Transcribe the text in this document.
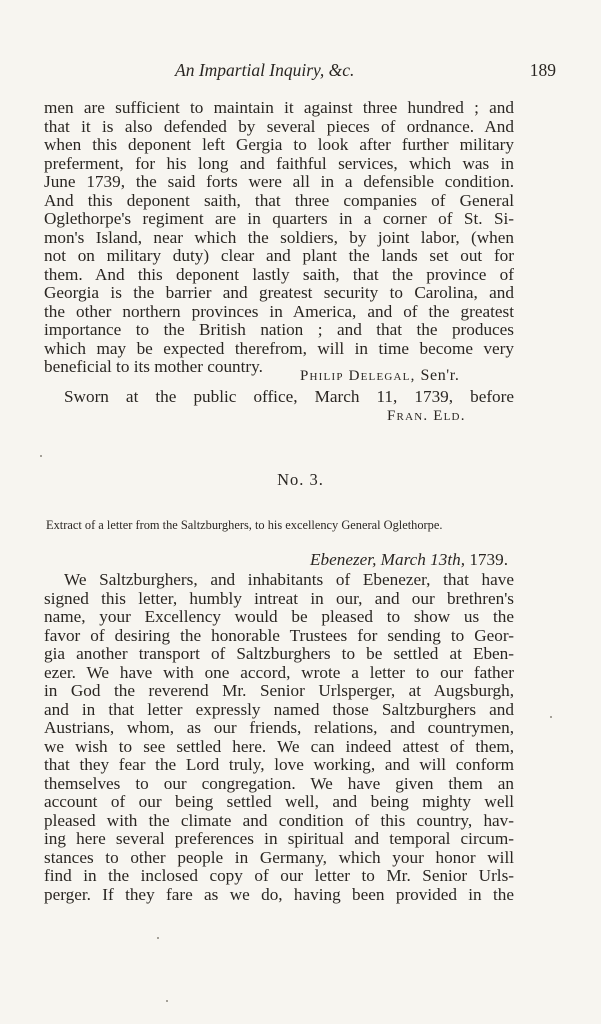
An Impartial Inquiry, &c.	189
men are sufficient to maintain it against three hundred ; and
that it is also defended by several pieces of ordnance. And
when this deponent left Gergia to look after further military
preferment, for his long and faithful services, which was in
June 1739, the said forts were all in a defensible condition.
And this deponent saith, that three companies of General
Oglethorpe's regiment are in quarters in a corner of St. Si-
mon's Island, near which the soldiers, by joint labor, (when
not on military duty) clear and plant the lands set out for
them. And this deponent lastly saith, that the province of
Georgia is the barrier and greatest security to Carolina, and
the other northern provinces in America, and of the greatest
importance to the British nation ; and that the produces
which may be expected therefrom, will in time become very
beneficial to its mother country.	Philip Delegal, Sen'r.
Sworn at the public office, March 11, 1739, before
Fran. Eld.
No. 3.
Extract of a letter from the Saltzburghers, to his excellency General Oglethorpe.
Ebenezer, March 13th, 1739.
We Saltzburghers, and inhabitants of Ebenezer, that have
signed this letter, humbly intreat in our, and our brethren's
name, your Excellency would be pleased to show us the
favor of desiring the honorable Trustees for sending to Geor-
gia another transport of Saltzburghers to be settled at Eben-
ezer. We have with one accord, wrote a letter to our father
in God the reverend Mr. Senior Urlsperger, at Augsburgh,
and in that letter expressly named those Saltzburghers and
Austrians, whom, as our friends, relations, and countrymen,
we wish to see settled here. We can indeed attest of them,
that they fear the Lord truly, love working, and will conform
themselves to our congregation. We have given them an
account of our being settled well, and being mighty well
pleased with the climate and condition of this country, hav-
ing here several preferences in spiritual and temporal circum-
stances to other people in Germany, which your honor will
find in the inclosed copy of our letter to Mr. Senior Urls-
perger. If they fare as we do, having been provided in the
